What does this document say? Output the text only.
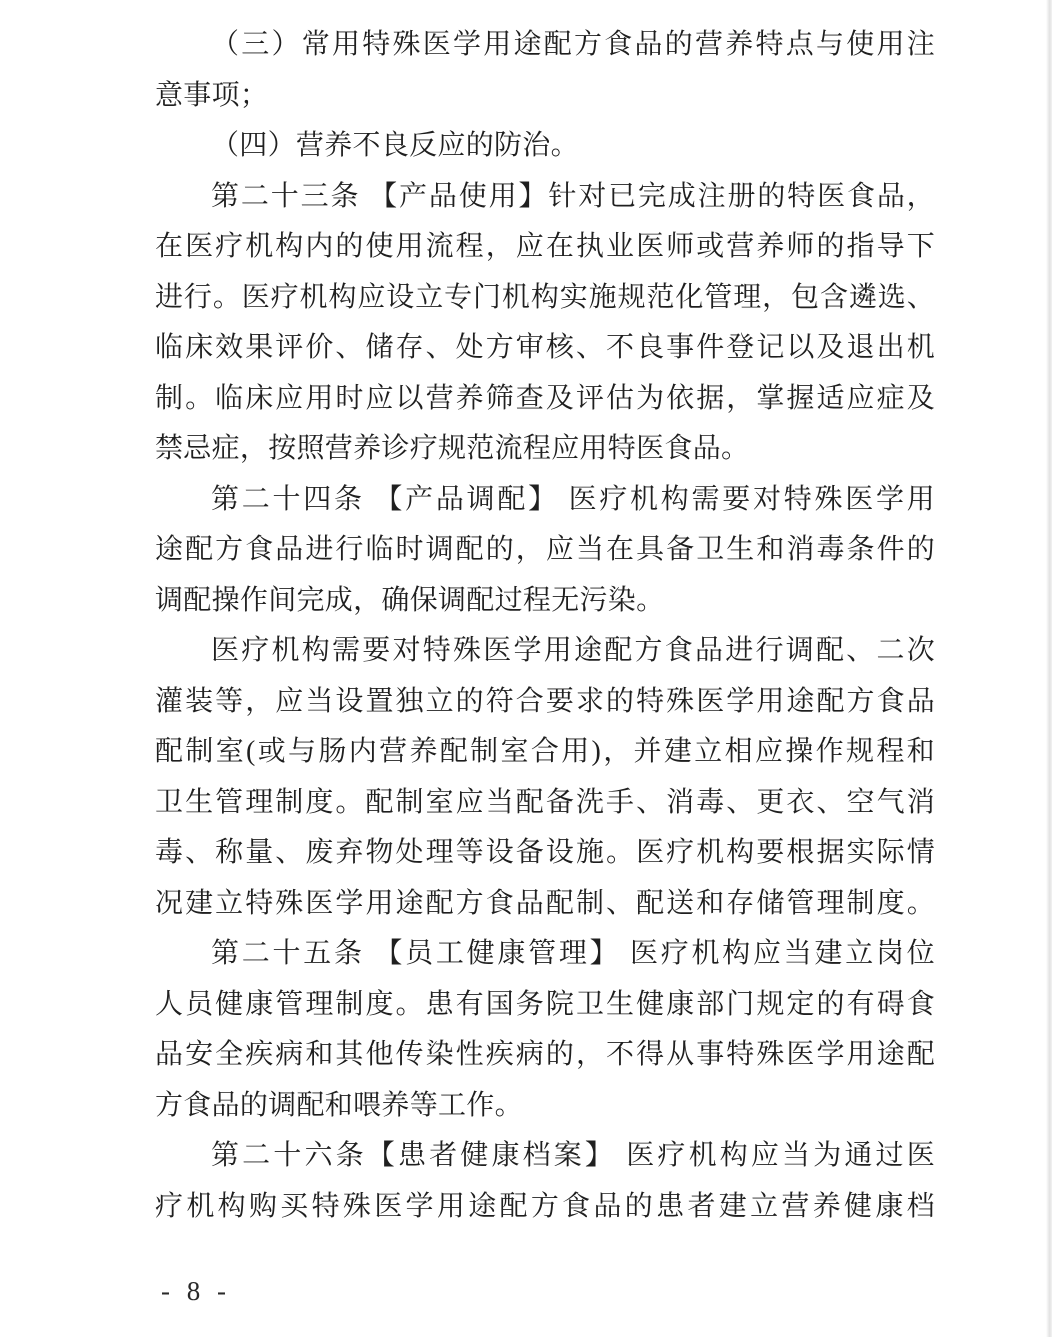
（三）常用特殊医学用途配方食品的营养特点与使用注
意事项；
（四）营养不良反应的防治。
第二十三条 【产品使用】针对已完成注册的特医食品，
在医疗机构内的使用流程，应在执业医师或营养师的指导下
进行。医疗机构应设立专门机构实施规范化管理，包含遴选、
临床效果评价、储存、处方审核、不良事件登记以及退出机
制。临床应用时应以营养筛查及评估为依据，掌握适应症及
禁忌症，按照营养诊疗规范流程应用特医食品。
第二十四条 【产品调配】 医疗机构需要对特殊医学用
途配方食品进行临时调配的，应当在具备卫生和消毒条件的
调配操作间完成，确保调配过程无污染。
医疗机构需要对特殊医学用途配方食品进行调配、二次
灌装等，应当设置独立的符合要求的特殊医学用途配方食品
配制室(或与肠内营养配制室合用)，并建立相应操作规程和
卫生管理制度。配制室应当配备洗手、消毒、更衣、空气消
毒、称量、废弃物处理等设备设施。医疗机构要根据实际情
况建立特殊医学用途配方食品配制、配送和存储管理制度。
第二十五条 【员工健康管理】 医疗机构应当建立岗位
人员健康管理制度。患有国务院卫生健康部门规定的有碍食
品安全疾病和其他传染性疾病的，不得从事特殊医学用途配
方食品的调配和喂养等工作。
第二十六条【患者健康档案】 医疗机构应当为通过医
疗机构购买特殊医学用途配方食品的患者建立营养健康档
- 8 -
